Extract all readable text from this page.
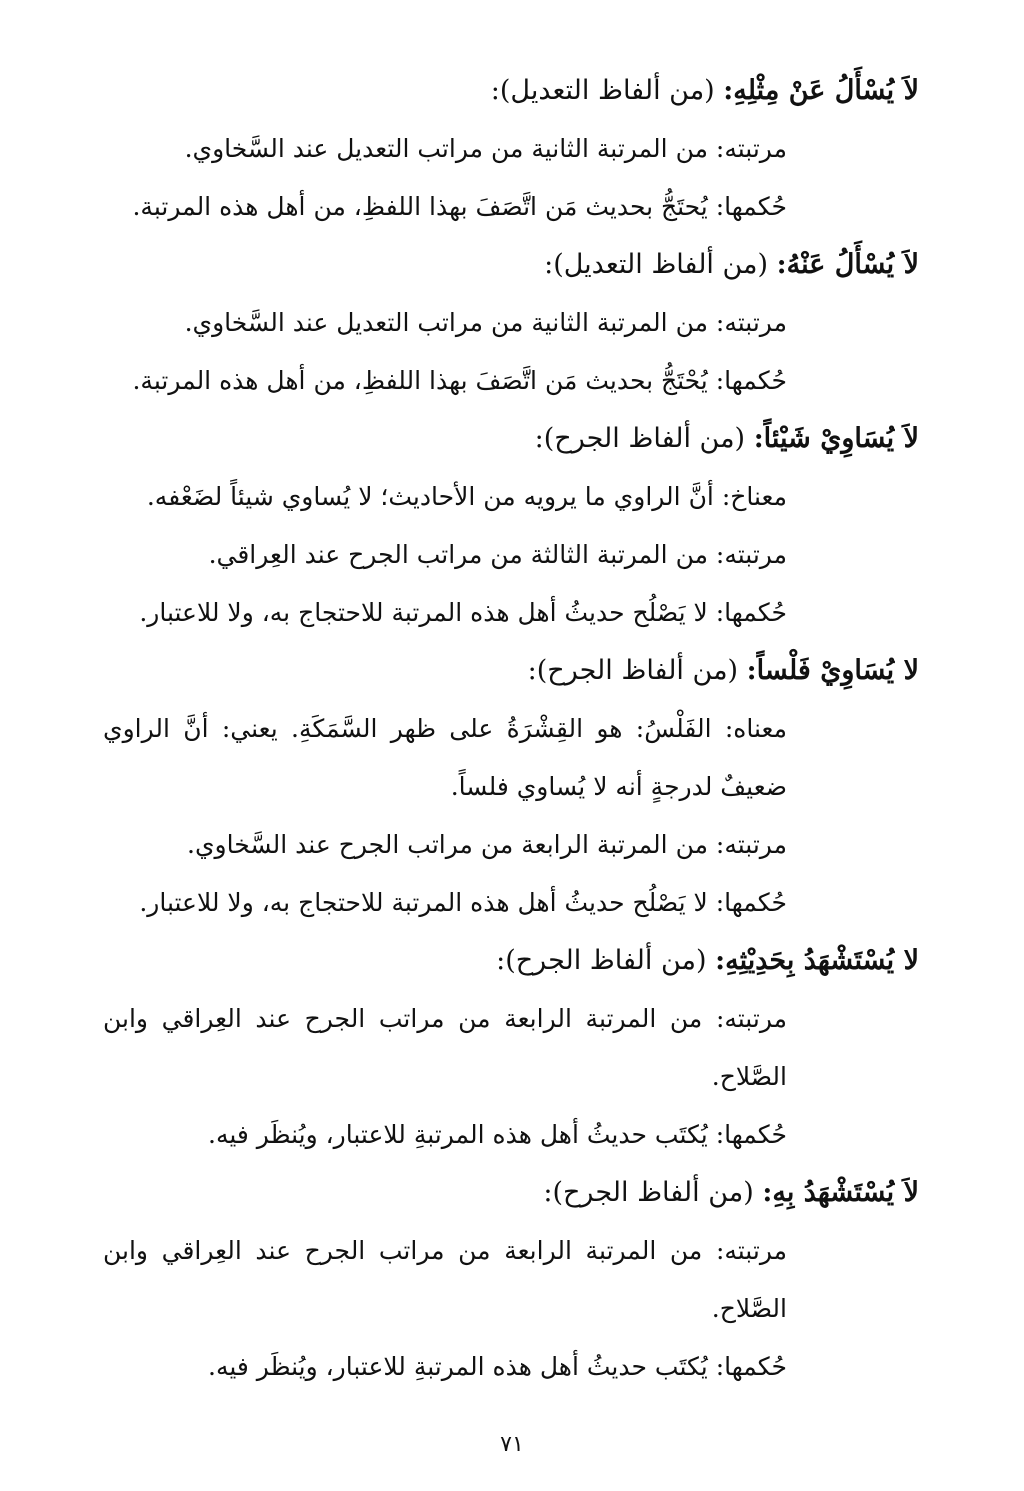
لاَ يُسْأَلُ عَنْ مِثْلِهِ: (من ألفاظ التعديل):
مرتبته: من المرتبة الثانية من مراتب التعديل عند السَّخاوي.
حُكمها: يُحتَجُّ بحديث مَن اتَّصَفَ بهذا اللفظِ، من أهل هذه المرتبة.
لاَ يُسْأَلُ عَنْهُ: (من ألفاظ التعديل):
مرتبته: من المرتبة الثانية من مراتب التعديل عند السَّخاوي.
حُكمها: يُحْتَجُّ بحديث مَن اتَّصَفَ بهذا اللفظِ، من أهل هذه المرتبة.
لاَ يُسَاوِيْ شَيْئاً: (من ألفاظ الجرح):
معناخ: أنَّ الراوي ما يرويه من الأحاديث؛ لا يُساوي شيئاً لضَعْفه.
مرتبته: من المرتبة الثالثة من مراتب الجرح عند العِراقي.
حُكمها: لا يَصْلُح حديثُ أهل هذه المرتبة للاحتجاج به، ولا للاعتبار.
لا يُسَاوِيْ فَلْساً: (من ألفاظ الجرح):
معناه: الفَلْسُ: هو القِشْرَةُ على ظهر السَّمَكَةِ. يعني: أنَّ الراوي ضعيفٌ لدرجةٍ أنه لا يُساوي فلساً.
مرتبته: من المرتبة الرابعة من مراتب الجرح عند السَّخاوي.
حُكمها: لا يَصْلُح حديثُ أهل هذه المرتبة للاحتجاج به، ولا للاعتبار.
لا يُسْتَشْهَدُ بِحَدِيْثِهِ: (من ألفاظ الجرح):
مرتبته: من المرتبة الرابعة من مراتب الجرح عند العِراقي وابن الصَّلاح.
حُكمها: يُكتَب حديثُ أهل هذه المرتبةِ للاعتبار، ويُنظَر فيه.
لاَ يُسْتَشْهَدُ بِهِ: (من ألفاظ الجرح):
مرتبته: من المرتبة الرابعة من مراتب الجرح عند العِراقي وابن الصَّلاح.
حُكمها: يُكتَب حديثُ أهل هذه المرتبةِ للاعتبار، ويُنظَر فيه.
٧١
